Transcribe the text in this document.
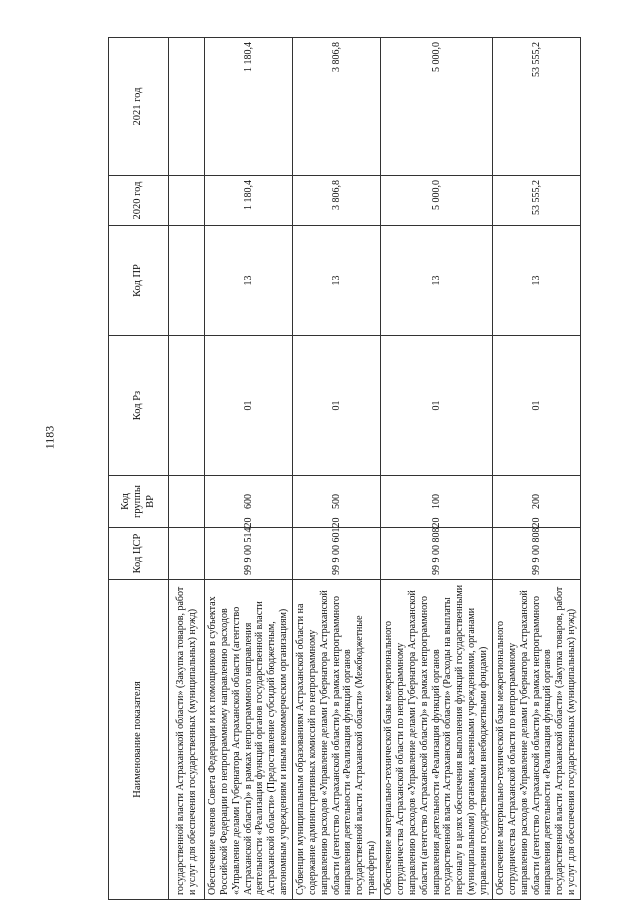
1183
Наименование показателя	Код ЦСР	Код группы ВР	Код Рз	Код ПР	2020 год	2021 год
государственной власти Астраханской области» (Закупка товаров, работ и услуг для обеспечения государственных (муниципальных) нужд)						
Обеспечение членов Совета Федерации и их помощников в субъектах Российской Федерации по непрограммному направлению расходов «Управление делами Губернатора Астраханской области (агентство Астраханской области)» в рамках непрограммного направления деятельности «Реализация функций органов государственной власти Астраханской области» (Предоставление субсидий бюджетным, автономным учреждениям и иным некоммерческим организациям)	99 9 00 51420	600	01	13	1 180,4	1 180,4
Субвенции муниципальным образованиям Астраханской области на содержание административных комиссий по непрограммному направлению расходов «Управление делами Губернатора Астраханской области (агентство Астраханской области)» в рамках непрограммного направления деятельности «Реализация функций органов государственной власти Астраханской области» (Межбюджетные трансферты)	99 9 00 60120	500	01	13	3 806,8	3 806,8
Обеспечение материально-технической базы межрегионального сотрудничества Астраханской области по непрограммному направлению расходов «Управление делами Губернатора Астраханской области (агентство Астраханской области)» в рамках непрограммного направления деятельности «Реализация функций органов государственной власти Астраханской области» (Расходы на выплаты персоналу в целях обеспечения выполнения функций государственными (муниципальными) органами, казенными учреждениями, органами управления государственными внебюджетными фондами)	99 9 00 80820	100	01	13	5 000,0	5 000,0
Обеспечение материально-технической базы межрегионального сотрудничества Астраханской области по непрограммному направлению расходов «Управление делами Губернатора Астраханской области (агентство Астраханской области)» в рамках непрограммного направления деятельности «Реализация функций органов государственной власти Астраханской области» (Закупка товаров, работ и услуг для обеспечения государственных (муниципальных) нужд)	99 9 00 80820	200	01	13	53 555,2	53 555,2
